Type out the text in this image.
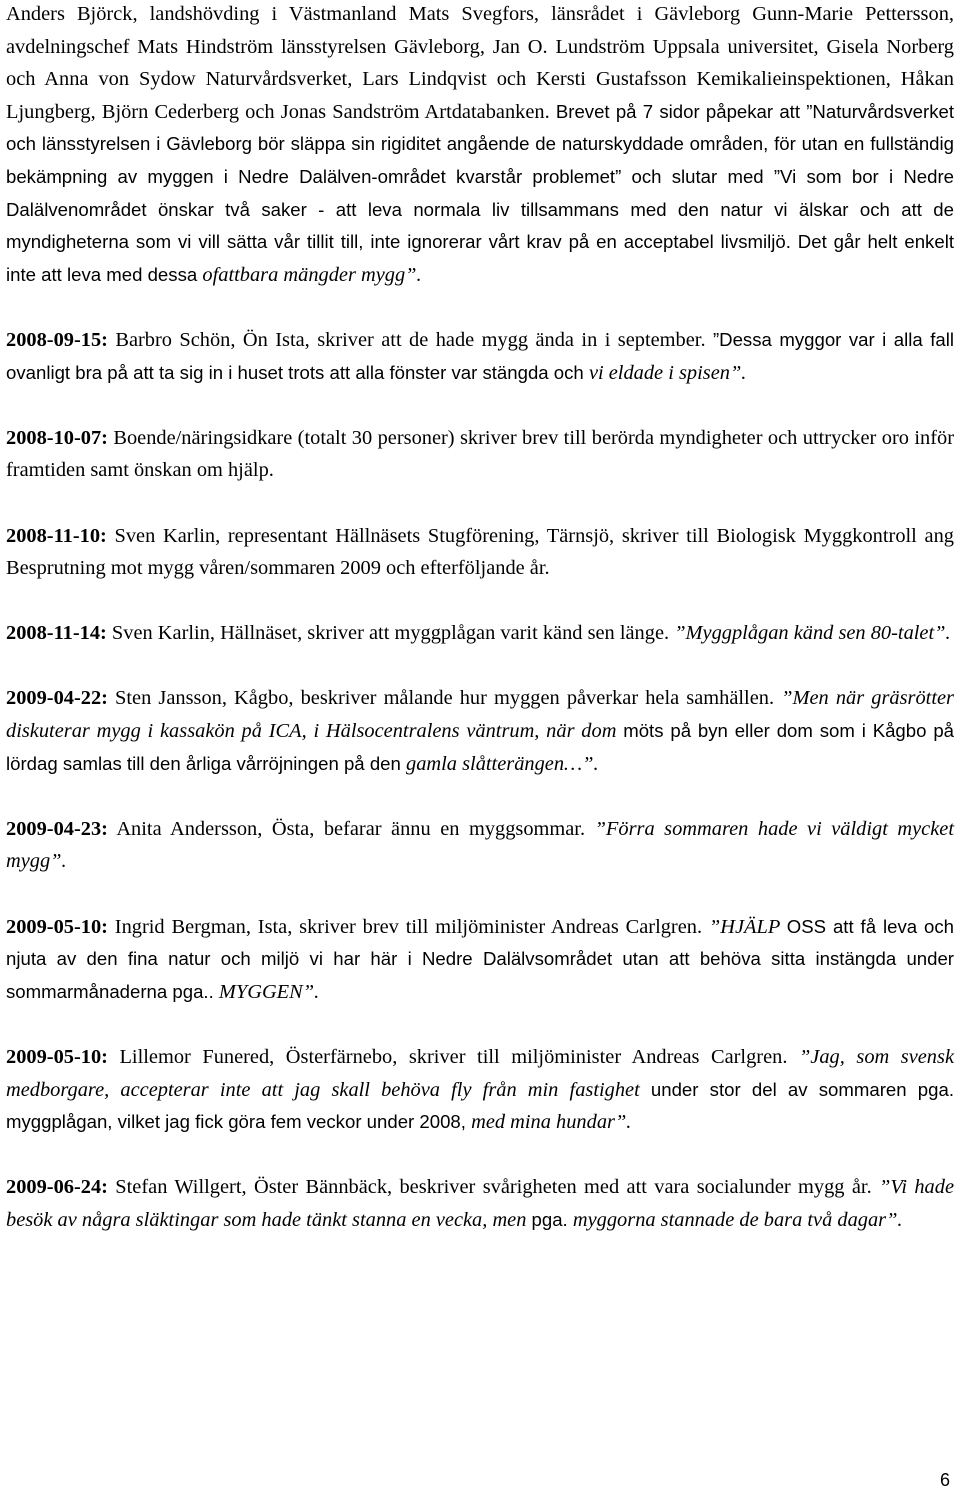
Anders Björck, landshövding i Västmanland Mats Svegfors, länsrådet i Gävleborg Gunn-Marie Pettersson, avdelningschef Mats Hindström länsstyrelsen Gävleborg, Jan O. Lundström Uppsala universitet, Gisela Norberg och Anna von Sydow Naturvårdsverket, Lars Lindqvist och Kersti Gustafsson Kemikalieinspektionen, Håkan Ljungberg, Björn Cederberg och Jonas Sandström Artdatabanken. Brevet på 7 sidor påpekar att ”Naturvårdsverket och länsstyrelsen i Gävleborg bör släppa sin rigiditet angående de naturskyddade områden, för utan en fullständig bekämpning av myggen i Nedre Dalälven-området kvarstår problemet” och slutar med ”Vi som bor i Nedre Dalälvenområdet önskar två saker - att leva normala liv tillsammans med den natur vi älskar och att de myndigheterna som vi vill sätta vår tillit till, inte ignorerar vårt krav på en acceptabel livsmiljö. Det går helt enkelt inte att leva med dessa ofattbara mängder mygg”.

2008-09-15: Barbro Schön, Ön Ista, skriver att de hade mygg ända in i september. ”Dessa myggor var i alla fall ovanligt bra på att ta sig in i huset trots att alla fönster var stängda och vi eldade i spisen”.

2008-10-07: Boende/näringsidkare (totalt 30 personer) skriver brev till berörda myndigheter och uttrycker oro inför framtiden samt önskan om hjälp.

2008-11-10: Sven Karlin, representant Hällnäsets Stugförening, Tärnsjö, skriver till Biologisk Myggkontroll ang Besprutning mot mygg våren/sommaren 2009 och efterföljande år.

2008-11-14: Sven Karlin, Hällnäset, skriver att myggplågan varit känd sen länge. ”Myggplågan känd sen 80-talet”.

2009-04-22: Sten Jansson, Kågbo, beskriver målande hur myggen påverkar hela samhällen. ”Men när gräsrötter diskuterar mygg i kassakön på ICA, i Hälsocentralens väntrum, när dom möts på byn eller dom som i Kågbo på lördag samlas till den årliga vårröjningen på den gamla slåtterängen…”.

2009-04-23: Anita Andersson, Östa, befarar ännu en myggsommar. ”Förra sommaren hade vi väldigt mycket mygg”.

2009-05-10: Ingrid Bergman, Ista, skriver brev till miljöminister Andreas Carlgren. ”HJÄLP OSS att få leva och njuta av den fina natur och miljö vi har här i Nedre Dalälvsområdet utan att behöva sitta instängda under sommarmånaderna pga.. MYGGEN”.

2009-05-10: Lillemor Funered, Österfärnebo, skriver till miljöminister Andreas Carlgren. ”Jag, som svensk medborgare, accepterar inte att jag skall behöva fly från min fastighet under stor del av sommaren pga. myggplågan, vilket jag fick göra fem veckor under 2008, med mina hundar”.

2009-06-24: Stefan Willgert, Öster Bännbäck, beskriver svårigheten med att vara socialunder mygg år. ”Vi hade besök av några släktingar som hade tänkt stanna en vecka, men pga. myggorna stannade de bara två dagar”.

6
